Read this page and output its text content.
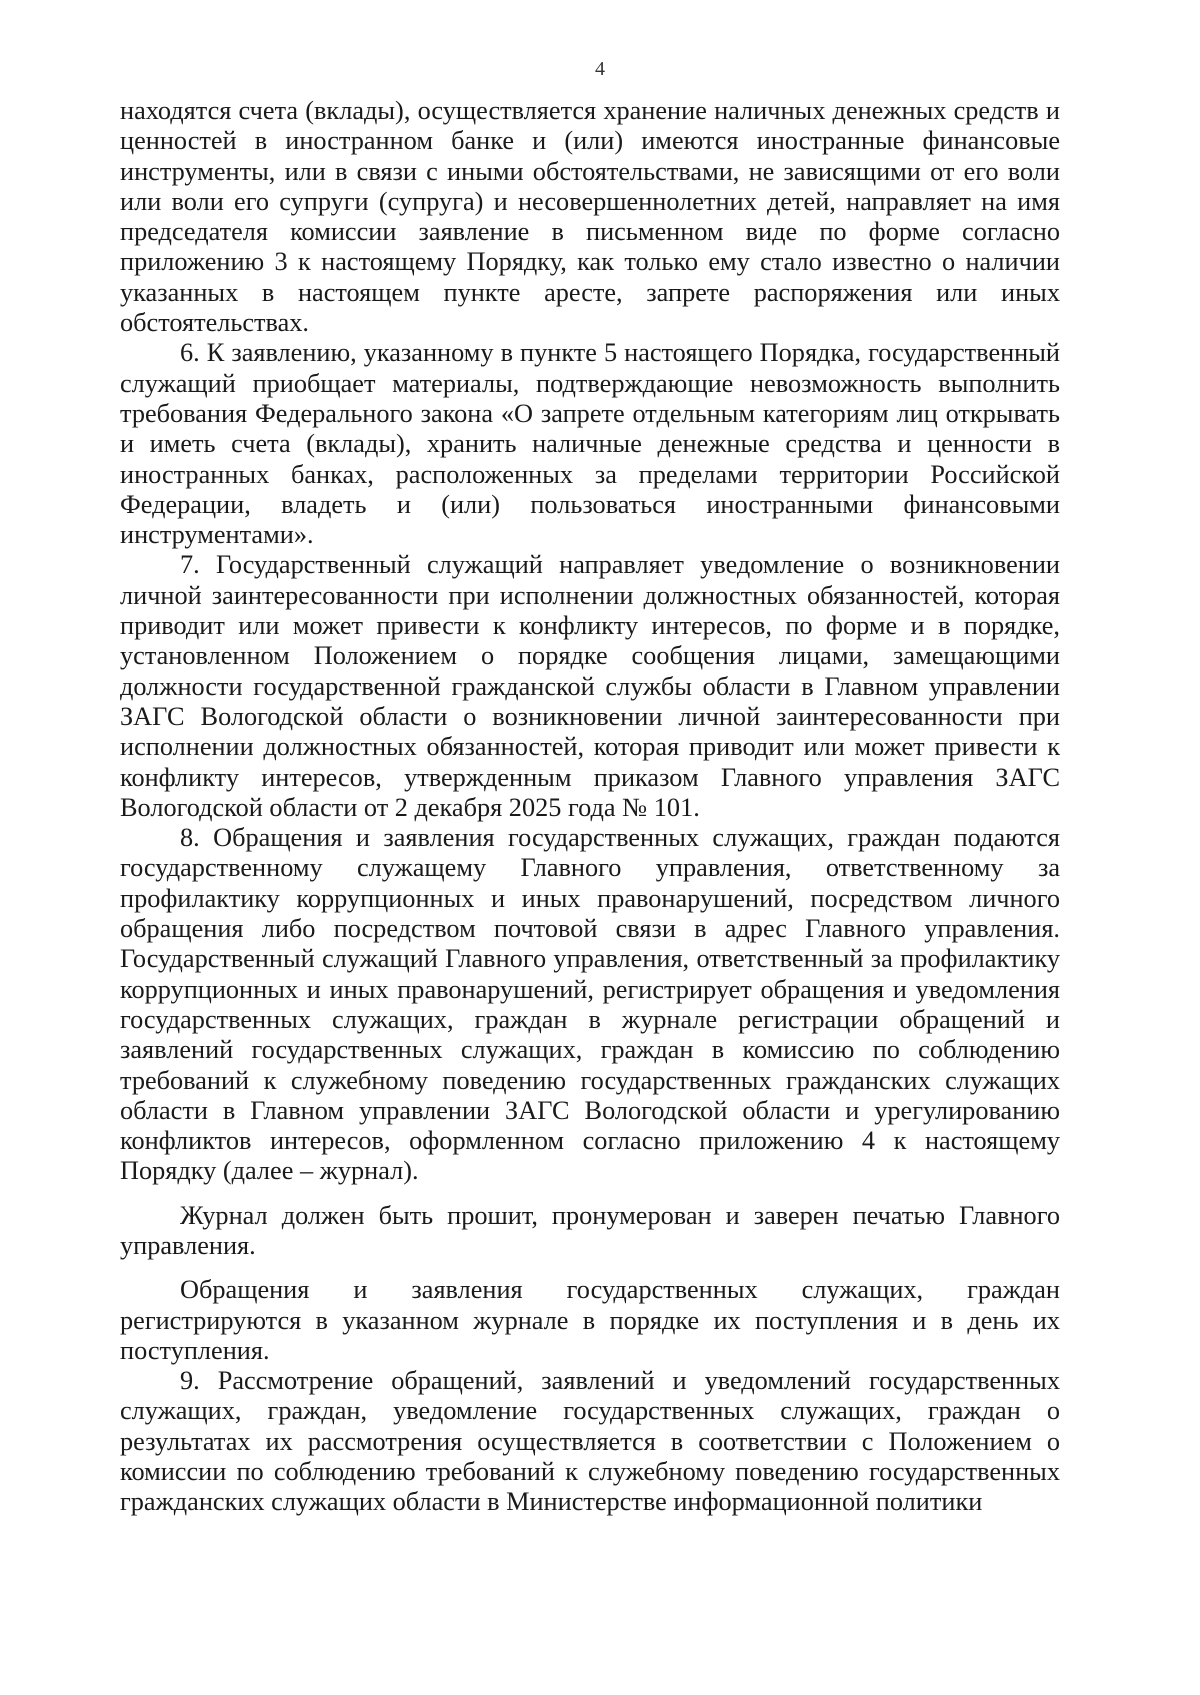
4

находятся счета (вклады), осуществляется хранение наличных денежных средств и ценностей в иностранном банке и (или) имеются иностранные финансовые инструменты, или в связи с иными обстоятельствами, не зависящими от его воли или воли его супруги (супруга) и несовершеннолетних детей, направляет на имя председателя комиссии заявление в письменном виде по форме согласно приложению 3 к настоящему Порядку, как только ему стало известно о наличии указанных в настоящем пункте аресте, запрете распоряжения или иных обстоятельствах.

6. К заявлению, указанному в пункте 5 настоящего Порядка, государственный служащий приобщает материалы, подтверждающие невозможность выполнить требования Федерального закона «О запрете отдельным категориям лиц открывать и иметь счета (вклады), хранить наличные денежные средства и ценности в иностранных банках, расположенных за пределами территории Российской Федерации, владеть и (или) пользоваться иностранными финансовыми инструментами».

7. Государственный служащий направляет уведомление о возникновении личной заинтересованности при исполнении должностных обязанностей, которая приводит или может привести к конфликту интересов, по форме и в порядке, установленном Положением о порядке сообщения лицами, замещающими должности государственной гражданской службы области в Главном управлении ЗАГС Вологодской области о возникновении личной заинтересованности при исполнении должностных обязанностей, которая приводит или может привести к конфликту интересов, утвержденным приказом Главного управления ЗАГС Вологодской области от 2 декабря 2025 года № 101.

8. Обращения и заявления государственных служащих, граждан подаются государственному служащему Главного управления, ответственному за профилактику коррупционных и иных правонарушений, посредством личного обращения либо посредством почтовой связи в адрес Главного управления. Государственный служащий Главного управления, ответственный за профилактику коррупционных и иных правонарушений, регистрирует обращения и уведомления государственных служащих, граждан в журнале регистрации обращений и заявлений государственных служащих, граждан в комиссию по соблюдению требований к служебному поведению государственных гражданских служащих области в Главном управлении ЗАГС Вологодской области и урегулированию конфликтов интересов, оформленном согласно приложению 4 к настоящему Порядку (далее – журнал).

Журнал должен быть прошит, пронумерован и заверен печатью Главного управления.

Обращения и заявления государственных служащих, граждан регистрируются в указанном журнале в порядке их поступления и в день их поступления.

9. Рассмотрение обращений, заявлений и уведомлений государственных служащих, граждан, уведомление государственных служащих, граждан о результатах их рассмотрения осуществляется в соответствии с Положением о комиссии по соблюдению требований к служебному поведению государственных гражданских служащих области в Министерстве информационной политики
